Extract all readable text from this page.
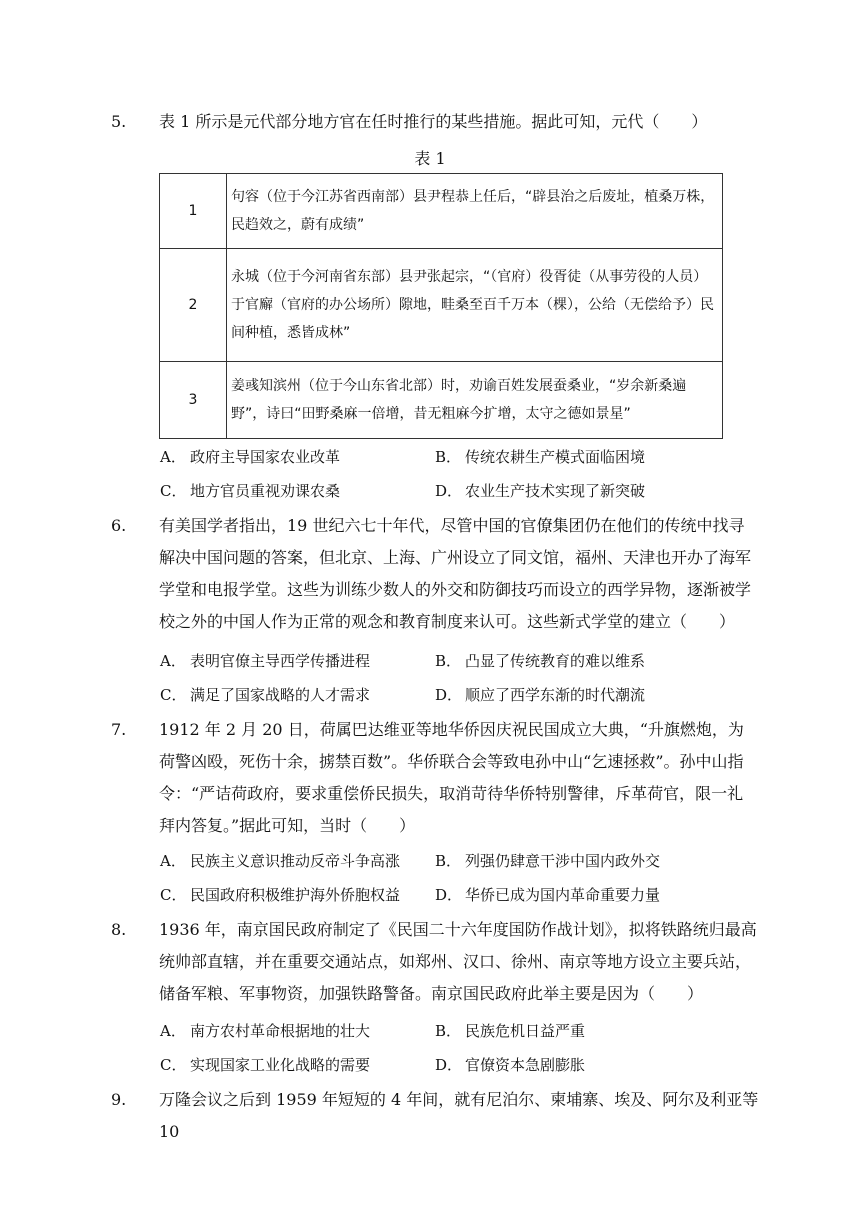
5. 表 1 所示是元代部分地方官在任时推行的某些措施。据此可知，元代（　　）
表 1
1	句容（位于今江苏省西南部）县尹程恭上任后，“辟县治之后废址，植桑万株，民趋效之，蔚有成绩”
2	永城（位于今河南省东部）县尹张起宗，“（官府）役胥徒（从事劳役的人员）于官廨（官府的办公场所）隙地，畦桑至百千万本（棵），公给（无偿给予）民间种植，悉皆成林”
3	姜彧知滨州（位于今山东省北部）时，劝谕百姓发展蚕桑业，“岁余新桑遍野”，诗曰“田野桑麻一倍增，昔无粗麻今扩增，太守之德如景星”
A． 政府主导国家农业改革	B． 传统农耕生产模式面临困境
C． 地方官员重视劝课农桑	D． 农业生产技术实现了新突破
6. 有美国学者指出，19 世纪六七十年代，尽管中国的官僚集团仍在他们的传统中找寻解决中国问题的答案，但北京、上海、广州设立了同文馆，福州、天津也开办了海军学堂和电报学堂。这些为训练少数人的外交和防御技巧而设立的西学异物，逐渐被学校之外的中国人作为正常的观念和教育制度来认可。这些新式学堂的建立（　　）
A． 表明官僚主导西学传播进程	B． 凸显了传统教育的难以维系
C． 满足了国家战略的人才需求	D． 顺应了西学东渐的时代潮流
7. 1912 年 2 月 20 日，荷属巴达维亚等地华侨因庆祝民国成立大典，“升旗燃炮，为荷警凶殴，死伤十余，掳禁百数”。华侨联合会等致电孙中山“乞速拯救”。孙中山指令：“严诘荷政府，要求重偿侨民损失，取消苛待华侨特别警律，斥革荷官，限一礼拜内答复。”据此可知，当时（　　）
A． 民族主义意识推动反帝斗争高涨 B． 列强仍肆意干涉中国内政外交
C． 民国政府积极维护海外侨胞权益 D． 华侨已成为国内革命重要力量
8. 1936 年，南京国民政府制定了《民国二十六年度国防作战计划》，拟将铁路统归最高统帅部直辖，并在重要交通站点，如郑州、汉口、徐州、南京等地方设立主要兵站，储备军粮、军事物资，加强铁路警备。南京国民政府此举主要是因为（　　）
A． 南方农村革命根据地的壮大	B． 民族危机日益严重
C． 实现国家工业化战略的需要	D． 官僚资本急剧膨胀
9. 万隆会议之后到 1959 年短短的 4 年间，就有尼泊尔、柬埔寨、埃及、阿尔及利亚等 10
